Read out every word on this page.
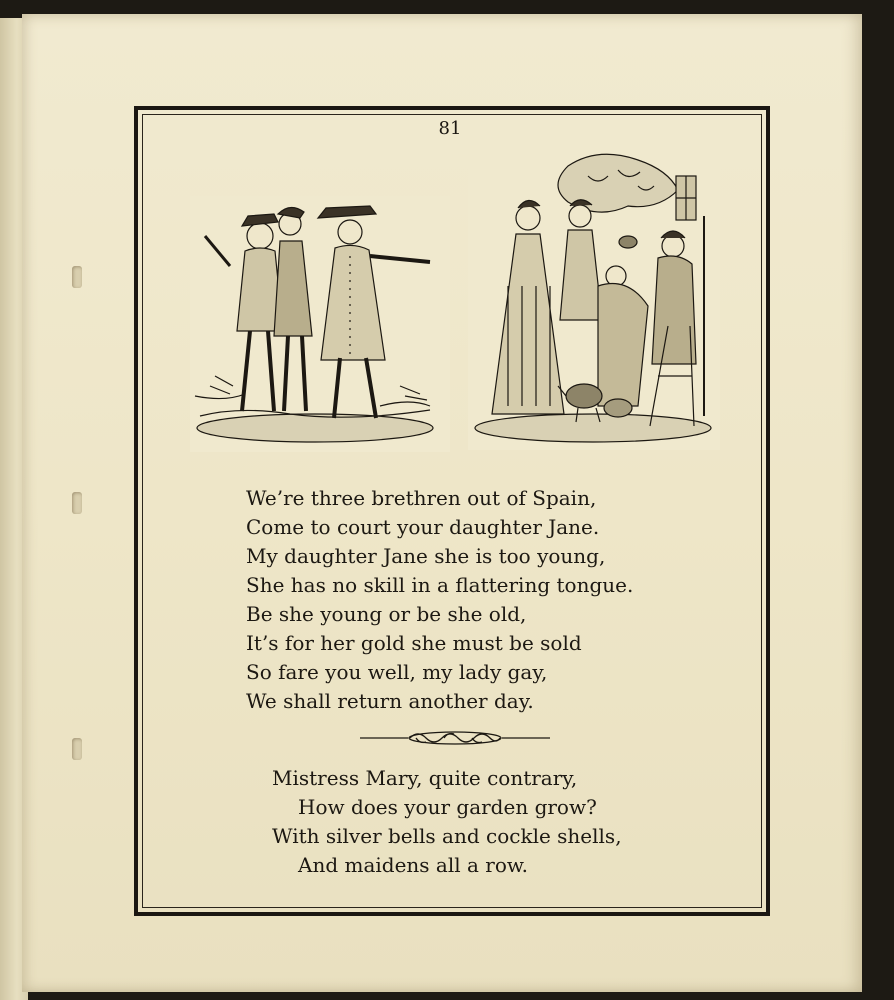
81
We’re three brethren out of Spain,
Come to court your daughter Jane.
My daughter Jane she is too young,
She has no skill in a flattering tongue.
Be she young or be she old,
It’s for her gold she must be sold
So fare you well, my lady gay,
We shall return another day.
Mistress Mary, quite contrary,
How does your garden grow?
With silver bells and cockle shells,
And maidens all a row.
